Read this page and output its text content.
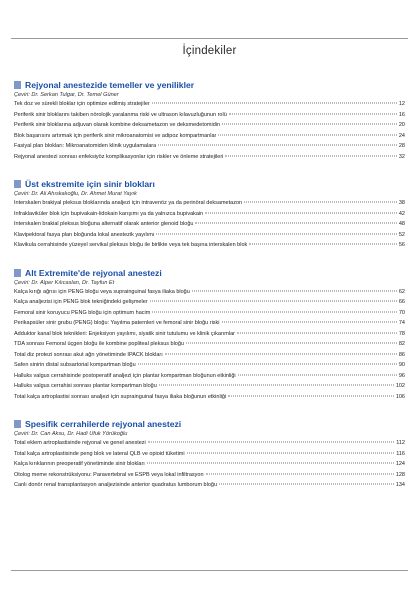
İçindekiler
Rejyonal anestezide temeller ve yenilikler
Çeviri: Dr. Serkan Tulgar, Dr. Temel Güner
Tek doz ve sürekli bloklar için optimize edilmiş stratejiler	12
Periferik sinir bloklarını takiben nörolojik yaralanma riski ve ultrason kılavuzluğunun rolü	16
Periferik sinir bloklarına adjuvan olarak kombine deksametazon ve deksmedetomidin	20
Blok başarısını artırmak için periferik sinir mikroanatomisi ve adipoz kompartmanlar	24
Fasiyal plan blokları: Mikroanatomiden klinik uygulamalara	28
Rejyonal anestezi sonrası enfeksiyöz komplikasyonlar için riskler ve önleme stratejileri	32
Üst ekstremite için sinir blokları
Çeviri: Dr. Ali Ahıskalıoğlu, Dr. Ahmet Murat Yayık
İnterskalen brakiyal pleksus bloklarında analjezi için intravenöz ya da perinöral deksametazon	38
İnfraklaviküler blok için bupivakain-lidokain karışımı ya da yalnızca bupivakain	42
İnterskalen brakial pleksus bloğuna alternatif olarak anterior glenoid bloğu	48
Klavipektoral fasya plan bloğunda lokal anestezik yayılımı	52
Klavikula cerrahisinde yüzeyel servikal pleksus bloğu ile birlikte veya tek başına interskalen blok	56
Alt Extremite'de rejyonal anestezi
Çeviri: Dr. Alper Kılıcaslan, Dr. Tayfun Et
Kalça kırığı ağrısı için PENG bloğu veya suprainguinal fasya iliaka bloğu	62
Kalça analjezisi için PENG blok tekniğindeki gelişmeler	66
Femoral sinir koruyucu PENG bloğu için optimum hacim	70
Perikapsüler sinir grubu (PENG) bloğu: Yayılma paternleri ve femoral sinir bloğu riski	74
Adduktor kanal blok teknikleri: Enjeksiyon yayılımı, siyatik sinir tutulumu ve klinik çıkarımlar	78
TDA sonrası Femoral üçgen bloğu ile kombine popliteal pleksus bloğu	82
Total diz protezi sonrası akut ağrı yönetiminde IPACK blokları	86
Safen sinirin distal subsartorial kompartman bloğu	90
Halluks valgus cerrahisinde postoperatif analjezi için plantar kompartman bloğunun etkinliği	96
Halluks valgus cerrahisi sonrası plantar kompartman bloğu	102
Total kalça artroplastisi sonrası analjezi için suprainguinal fasya iliaka bloğunun etkinliği	106
Spesifik cerrahilerde rejyonal anestezi
Çeviri: Dr. Can Aksu, Dr. Hadi Ufuk Yörükoğlu
Total eklem artroplastisinde rejyonal ve genel anestezi	112
Total kalça artroplastisinde peng blok ve lateral QLB ve opioid tüketimi	116
Kalça kırıklarının preoperatif yönetiminde sinir blokları	124
Otolog meme rekonstrüksiyonu: Paravertebral ve ESPB veya lokal infiltrasyon	128
Canlı donör renal transplantasyon analjezisinde anterior quadratus lumborum bloğu	134
